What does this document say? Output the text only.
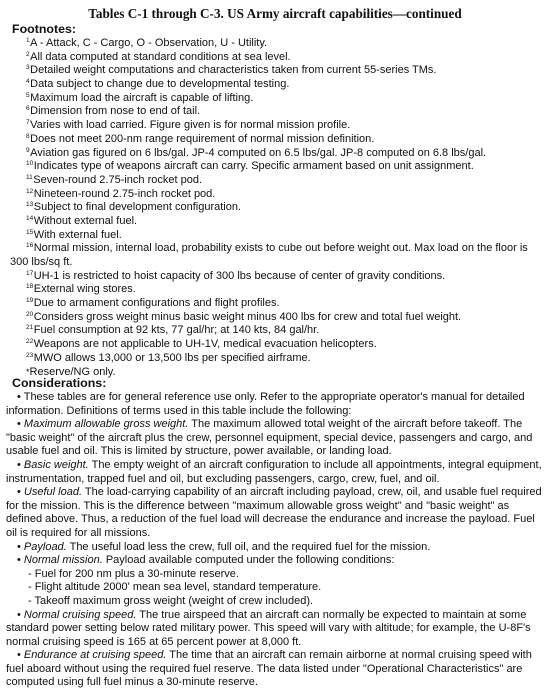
Tables C-1 through C-3. US Army aircraft capabilities—continued
Footnotes:
$^1$A - Attack, C - Cargo, O - Observation, U - Utility.
$^2$All data computed at standard conditions at sea level.
$^3$Detailed weight computations and characteristics taken from current 55-series TMs.
$^4$Data subject to change due to developmental testing.
$^5$Maximum load the aircraft is capable of lifting.
$^6$Dimension from nose to end of tail.
$^7$Varies with load carried. Figure given is for normal mission profile.
$^8$Does not meet 200-nm range requirement of normal mission definition.
$^9$Aviation gas figured on 6 lbs/gal. JP-4 computed on 6.5 lbs/gal. JP-8 computed on 6.8 lbs/gal.
$^{10}$Indicates type of weapons aircraft can carry. Specific armament based on unit assignment.
$^{11}$Seven-round 2.75-inch rocket pod.
$^{12}$Nineteen-round 2.75-inch rocket pod.
$^{13}$Subject to final development configuration.
$^{14}$Without external fuel.
$^{15}$With external fuel.
$^{16}$Normal mission, internal load, probability exists to cube out before weight out. Max load on the floor is 300 lbs/sq ft.
$^{17}$UH-1 is restricted to hoist capacity of 300 lbs because of center of gravity conditions.
$^{18}$External wing stores.
$^{19}$Due to armament configurations and flight profiles.
$^{20}$Considers gross weight minus basic weight minus 400 lbs for crew and total fuel weight.
$^{21}$Fuel consumption at 92 kts, 77 gal/hr; at 140 kts, 84 gal/hr.
$^{22}$Weapons are not applicable to UH-1V, medical evacuation helicopters.
$^{23}$MWO allows 13,000 or 13,500 lbs per specified airframe.
*Reserve/NG only.
Considerations:

• These tables are for general reference use only. Refer to the appropriate operator's manual for detailed information. Definitions of terms used in this table include the following:

• Maximum allowable gross weight. The maximum allowed total weight of the aircraft before takeoff. The "basic weight" of the aircraft plus the crew, personnel equipment, special device, passengers and cargo, and usable fuel and oil. This is limited by structure, power available, or landing load.

• Basic weight. The empty weight of an aircraft configuration to include all appointments, integral equipment, instrumentation, trapped fuel and oil, but excluding passengers, cargo, crew, fuel, and oil.

• Useful load. The load-carrying capability of an aircraft including payload, crew, oil, and usable fuel required for the mission. This is the difference between "maximum allowable gross weight" and "basic weight" as defined above. Thus, a reduction of the fuel load will decrease the endurance and increase the payload. Fuel oil is required for all missions.

• Payload. The useful load less the crew, full oil, and the required fuel for the mission.

• Normal mission. Payload available computed under the following conditions:

- Fuel for 200 nm plus a 30-minute reserve.
- Flight altitude 2000' mean sea level, standard temperature.
- Takeoff maximum gross weight (weight of crew included).

• Normal cruising speed. The true airspeed that an aircraft can normally be expected to maintain at some standard power setting below rated military power. This speed will vary with altitude; for example, the U-8F's normal cruising speed is 165 at 65 percent power at 8,000 ft.

• Endurance at cruising speed. The time that an aircraft can remain airborne at normal cruising speed with fuel aboard without using the required fuel reserve. The data listed under "Operational Characteristics" are computed using full fuel minus a 30-minute reserve.
